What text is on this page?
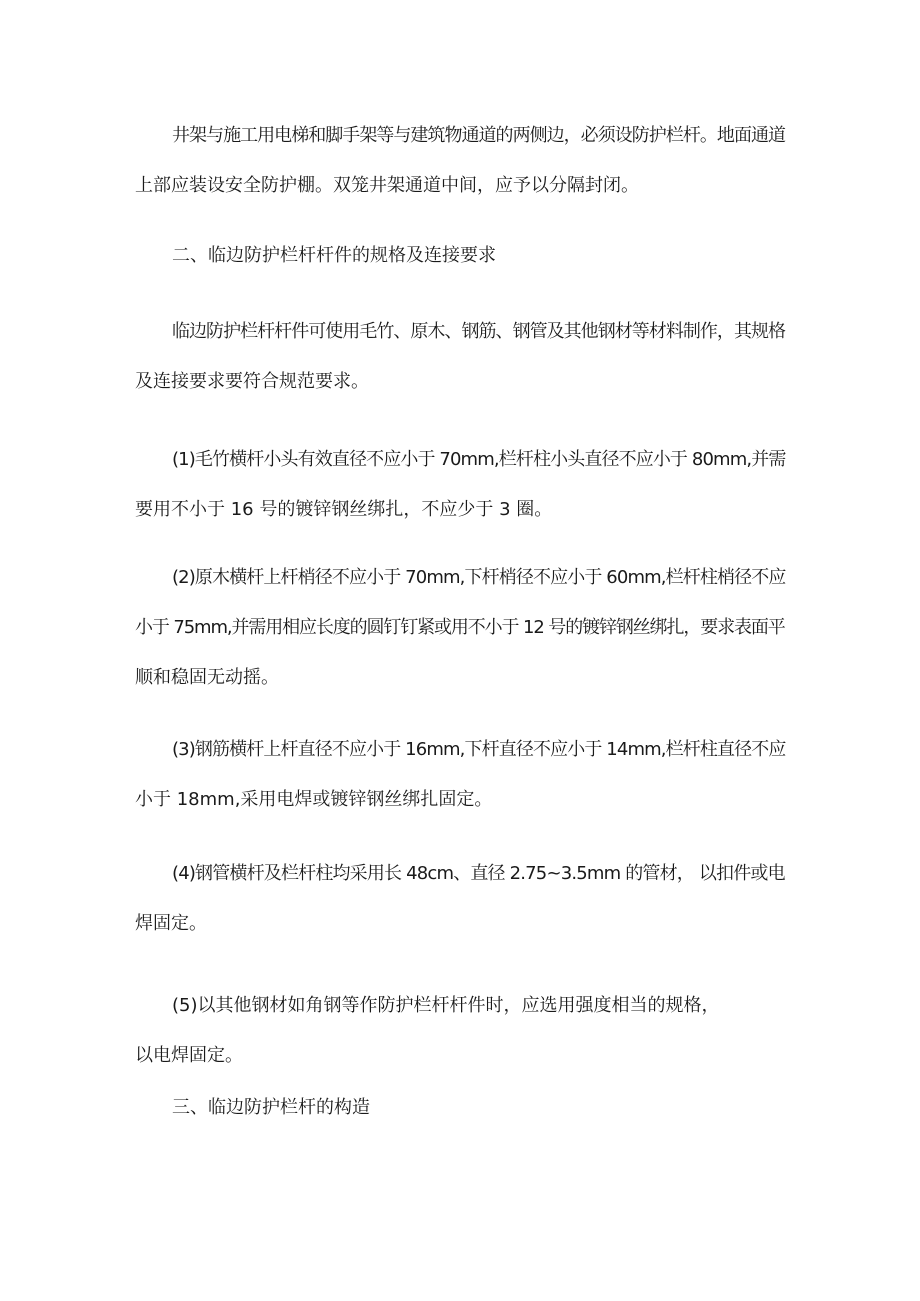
井架与施工用电梯和脚手架等与建筑物通道的两侧边，必须设防护栏杆。地面通道
上部应装设安全防护棚。双笼井架通道中间，应予以分隔封闭。
二、临边防护栏杆杆件的规格及连接要求
临边防护栏杆杆件可使用毛竹、原木、钢筋、钢管及其他钢材等材料制作，其规格
及连接要求要符合规范要求。
(1)毛竹横杆小头有效直径不应小于 70mm,栏杆柱小头直径不应小于 80mm,并需
要用不小于 16 号的镀锌钢丝绑扎，不应少于 3 圈。
(2)原木横杆上杆梢径不应小于 70mm,下杆梢径不应小于 60mm,栏杆柱梢径不应
小于 75mm,并需用相应长度的圆钉钉紧或用不小于 12 号的镀锌钢丝绑扎，要求表面平
顺和稳固无动摇。
(3)钢筋横杆上杆直径不应小于 16mm,下杆直径不应小于 14mm,栏杆柱直径不应
小于 18mm,采用电焊或镀锌钢丝绑扎固定。
(4)钢管横杆及栏杆柱均采用长 48cm、直径 2.75~3.5mm 的管材， 以扣件或电
焊固定。
(5)以其他钢材如角钢等作防护栏杆杆件时，应选用强度相当的规格，
以电焊固定。
三、临边防护栏杆的构造
